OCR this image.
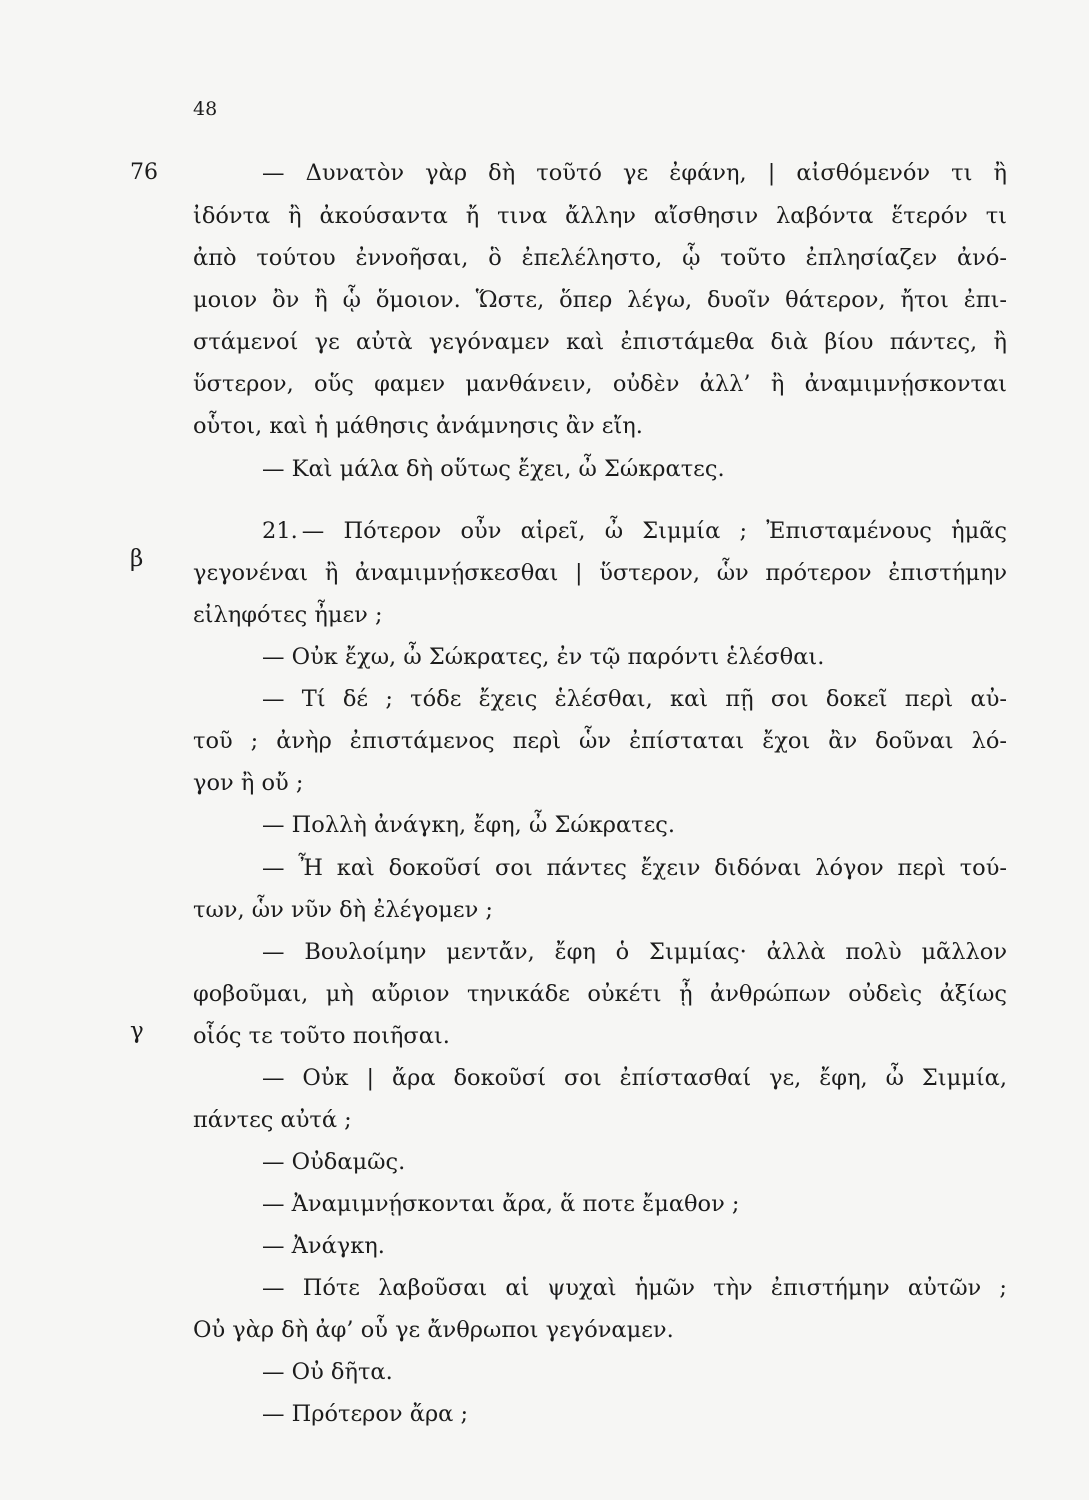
48
76
β
γ
— Δυνατὸν γὰρ δὴ τοῦτό γε ἐφάνη, | αἰσθόμενόν τι ἢ
ἰδόντα ἢ ἀκούσαντα ἤ τινα ἄλλην αἴσθησιν λαβόντα ἕτερόν τι
ἀπὸ τούτου ἐννοῆσαι, ὃ ἐπελέληστο, ᾧ τοῦτο ἐπλησίαζεν ἀνό-
μοιον ὂν ἢ ᾧ ὅμοιον. Ὥστε, ὅπερ λέγω, δυοῖν θάτερον, ἤτοι ἐπι-
στάμενοί γε αὐτὰ γεγόναμεν καὶ ἐπιστάμεθα διὰ βίου πάντες, ἢ
ὕστερον, οὕς φαμεν μανθάνειν, οὐδὲν ἀλλ’ ἢ ἀναμιμνῄσκονται
οὗτοι, καὶ ἡ μάθησις ἀνάμνησις ἂν εἴη.
— Καὶ μάλα δὴ οὕτως ἔχει, ὦ Σώκρατες.
21. — Πότερον οὖν αἱρεῖ, ὦ Σιμμία ; Ἐπισταμένους ἡμᾶς
γεγονέναι ἢ ἀναμιμνῄσκεσθαι | ὕστερον, ὧν πρότερον ἐπιστήμην
εἰληφότες ἦμεν ;
— Οὐκ ἔχω, ὦ Σώκρατες, ἐν τῷ παρόντι ἑλέσθαι.
— Τί δέ ; τόδε ἔχεις ἑλέσθαι, καὶ πῇ σοι δοκεῖ περὶ αὐ-
τοῦ ; ἀνὴρ ἐπιστάμενος περὶ ὧν ἐπίσταται ἔχοι ἂν δοῦναι λό-
γον ἢ οὔ ;
— Πολλὴ ἀνάγκη, ἔφη, ὦ Σώκρατες.
— Ἦ καὶ δοκοῦσί σοι πάντες ἔχειν διδόναι λόγον περὶ τού-
των, ὧν νῦν δὴ ἐλέγομεν ;
— Βουλοίμην μεντἄν, ἔφη ὁ Σιμμίας· ἀλλὰ πολὺ μᾶλλον
φοβοῦμαι, μὴ αὔριον τηνικάδε οὐκέτι ᾖ ἀνθρώπων οὐδεὶς ἀξίως
οἷός τε τοῦτο ποιῆσαι.
— Οὐκ | ἄρα δοκοῦσί σοι ἐπίστασθαί γε, ἔφη, ὦ Σιμμία,
πάντες αὐτά ;
— Οὐδαμῶς.
— Ἀναμιμνῄσκονται ἄρα, ἅ ποτε ἔμαθον ;
— Ἀνάγκη.
— Πότε λαβοῦσαι αἱ ψυχαὶ ἡμῶν τὴν ἐπιστήμην αὐτῶν ;
Οὐ γὰρ δὴ ἀφ’ οὗ γε ἄνθρωποι γεγόναμεν.
— Οὐ δῆτα.
— Πρότερον ἄρα ;
